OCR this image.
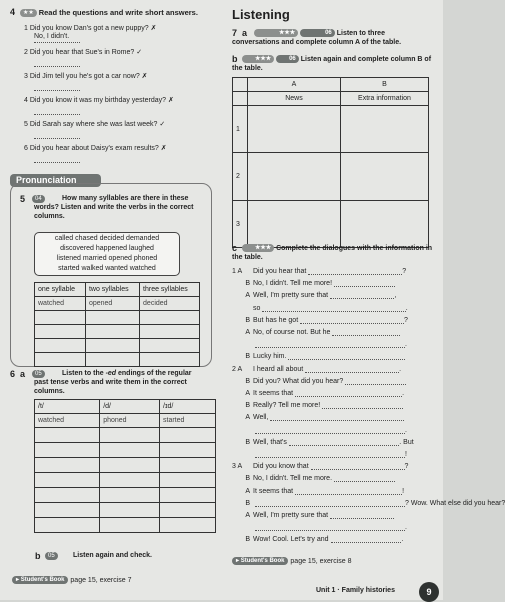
4	★★ Read the questions and write short answers.
1 Did you know Dan's got a new puppy? ✗
No, I didn't.
2 Did you hear that Sue's in Rome? ✓
3 Did Jim tell you he's got a car now? ✗
4 Did you know it was my birthday yesterday? ✗
5 Did Sarah say where she was last week? ✓
6 Did you hear about Daisy's exam results? ✗
Pronunciation
5	04	How many syllables are there in these words? Listen and write the verbs in the correct columns.
called chased decided demanded
discovered happened laughed
listened married opened phoned
started walked wanted watched
one syllable	two syllables	three syllables
watched	opened	decided

6 a	05	Listen to the -ed endings of the regular past tense verbs and write them in the correct columns.
/t/	/d/	/ɪd/
watched	phoned	started

b	05	Listen again and check.
▸ Student's Book page 15, exercise 7
Listening
7 a	★★★	06 Listen to three conversations and complete column A of the table.
b	★★★	06 Listen again and complete column B of the table.
	A	B
	News	Extra information
1		
2		
3		
c	★★★ Complete the dialogues with the information in the table.
1 A Did you hear that	?
B No, I didn't. Tell me more!
A Well, I'm pretty sure that	,
so	.
B But has he got	?
A No, of course not. But he
.
B Lucky him.
2 A I heard all about	.
B Did you? What did you hear?
A It seems that	.
B Really? Tell me more!
A Well,
.
B Well, that's	. But
!
3 A Did you know that	?
B No, I didn't. Tell me more.
A It seems that	!
B	? Wow. What else did you hear?
A Well, I'm pretty sure that
.
B Wow! Cool. Let's try and	.
▸ Student's Book page 15, exercise 8
Unit 1 · Family histories	9
